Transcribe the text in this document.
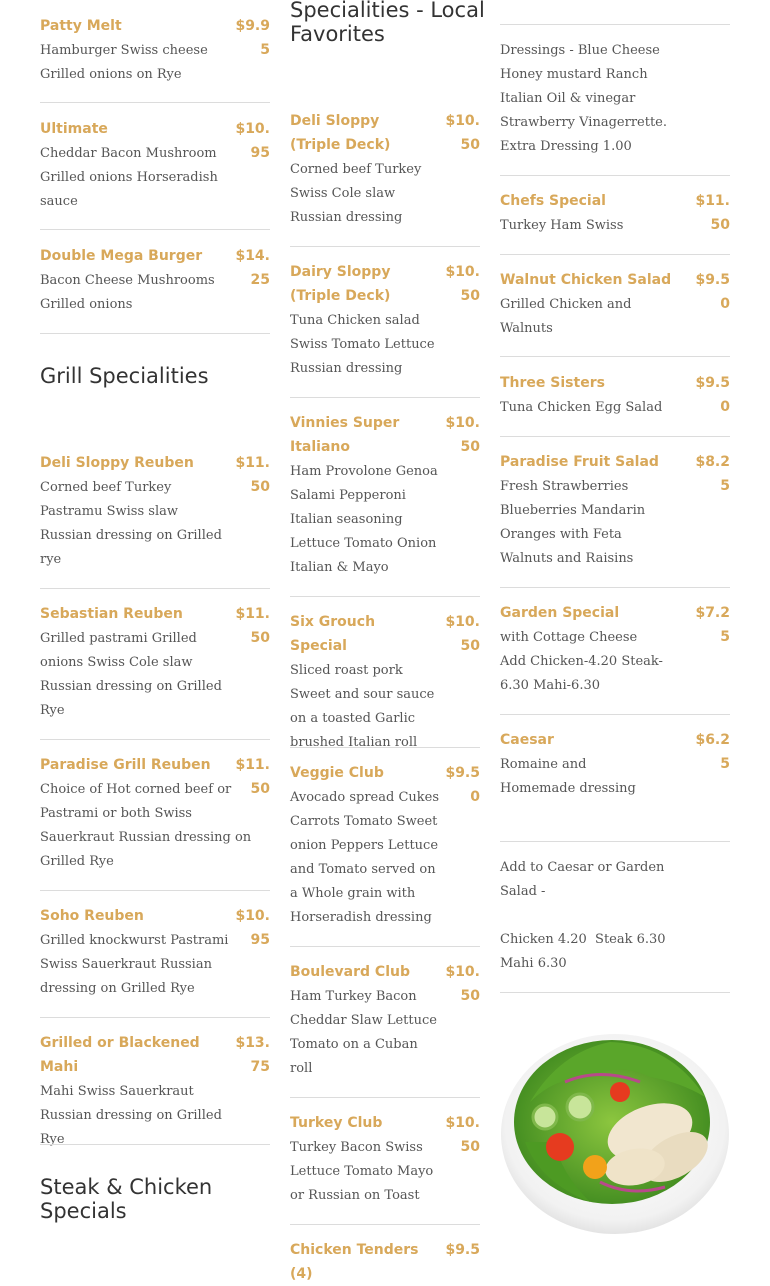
Patty Melt	$9.95
Hamburger Swiss cheese Grilled onions on Rye
Ultimate	$10.95
Cheddar Bacon Mushroom Grilled onions Horseradish sauce
Double Mega Burger	$14.25
Bacon Cheese Mushrooms Grilled onions
Grill Specialities
Deli Sloppy Reuben	$11.50
Corned beef Turkey Pastramu Swiss slaw Russian dressing on Grilled rye
Sebastian Reuben	$11.50
Grilled pastrami Grilled onions Swiss Cole slaw Russian dressing on Grilled Rye
Paradise Grill Reuben	$11.50
Choice of Hot corned beef or Pastrami or both Swiss Sauerkraut Russian dressing on Grilled Rye
Soho Reuben	$10.95
Grilled knockwurst Pastrami Swiss Sauerkraut Russian dressing on Grilled Rye
Grilled or Blackened Mahi
$13.75
Mahi Swiss Sauerkraut Russian dressing on Grilled Rye
Steak & Chicken Specials
Specialities - Local Favorites
Deli Sloppy (Triple Deck)
$10.50
Corned beef Turkey Swiss Cole slaw Russian dressing
Dairy Sloppy (Triple Deck)
$10.50
Tuna Chicken salad Swiss Tomato Lettuce Russian dressing
Vinnies Super Italiano
$10.50
Ham Provolone Genoa Salami Pepperoni Italian seasoning Lettuce Tomato Onion Italian & Mayo
Six Grouch Special
$10.50
Sliced roast pork Sweet and sour sauce on a toasted Garlic brushed Italian roll
Veggie Club	$9.50
Avocado spread Cukes Carrots Tomato Sweet onion Peppers Lettuce and Tomato served on a Whole grain with Horseradish dressing
Boulevard Club	$10.50
Ham Turkey Bacon Cheddar Slaw Lettuce Tomato on a Cuban roll
Turkey Club	$10.50
Turkey Bacon Swiss Lettuce Tomato Mayo or Russian on Toast
Chicken Tenders (4)
$9.5
Dressings - Blue Cheese Honey mustard Ranch Italian Oil & vinegar Strawberry Vinagerrette. Extra Dressing 1.00
Chefs Special	$11.50
Turkey Ham Swiss
Walnut Chicken Salad	$9.50
Grilled Chicken and Walnuts
Three Sisters	$9.50
Tuna Chicken Egg Salad
Paradise Fruit Salad	$8.25
Fresh Strawberries Blueberries Mandarin Oranges with Feta Walnuts and Raisins
Garden Special	$7.25
with Cottage Cheese Add Chicken-4.20 Steak-6.30 Mahi-6.30
Caesar	$6.25
Romaine and Homemade dressing
Add to Caesar or Garden Salad -
Chicken 4.20  Steak 6.30  Mahi 6.30
